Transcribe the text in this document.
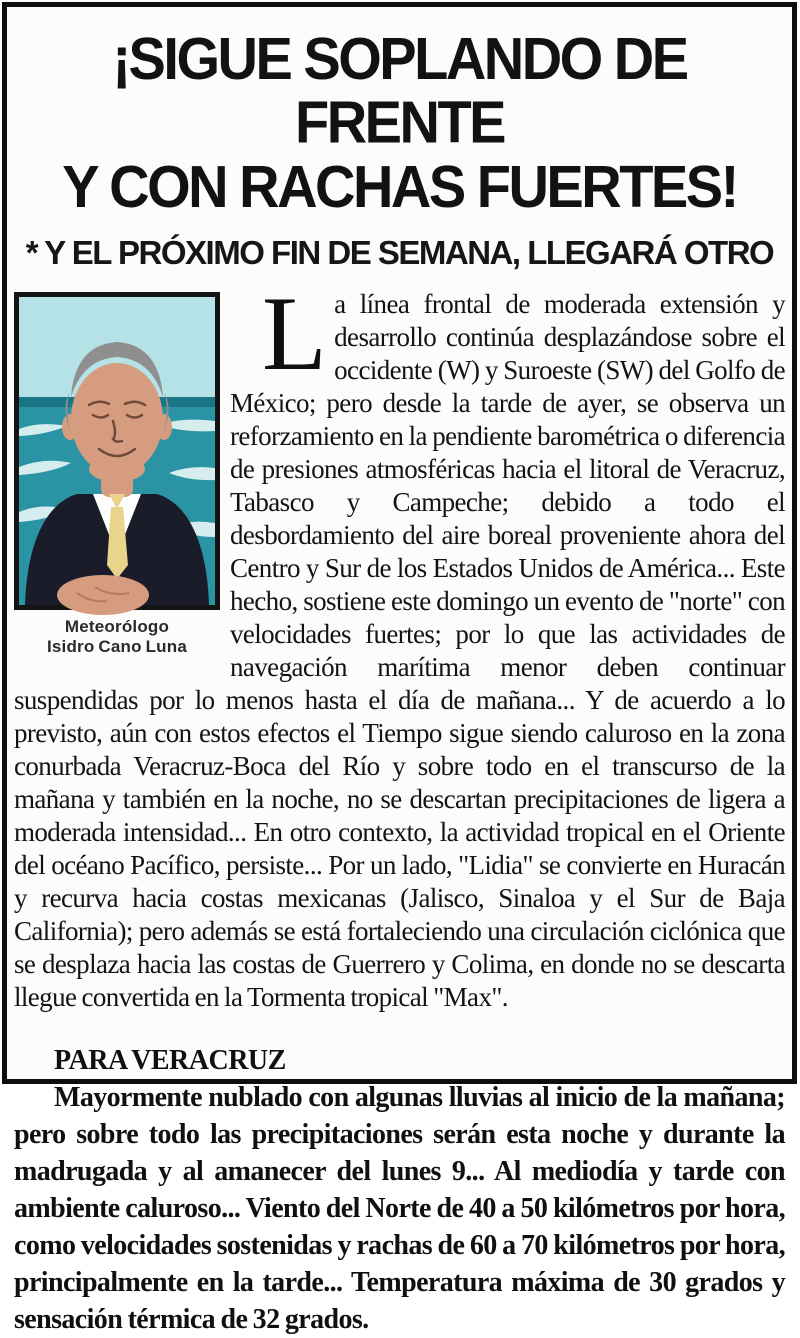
¡SIGUE SOPLANDO DE FRENTE
Y CON RACHAS FUERTES!
* Y EL PRÓXIMO FIN DE SEMANA, LLEGARÁ OTRO
Meteorólogo
Isidro Cano Luna

La línea frontal de moderada extensión y desarrollo continúa desplazándose sobre el occidente (W) y Suroeste (SW) del Golfo de México; pero desde la tarde de ayer, se observa un reforzamiento en la pendiente barométrica o diferencia de presiones atmosféricas hacia el litoral de Veracruz, Tabasco y Campeche; debido a todo el desbordamiento del aire boreal proveniente ahora del Centro y Sur de los Estados Unidos de América... Este hecho, sostiene este domingo un evento de "norte" con velocidades fuertes; por lo que las actividades de navegación marítima menor deben continuar suspendidas por lo menos hasta el día de mañana... Y de acuerdo a lo previsto, aún con estos efectos el Tiempo sigue siendo caluroso en la zona conurbada Veracruz-Boca del Río y sobre todo en el transcurso de la mañana y también en la noche, no se descartan precipitaciones de ligera a moderada intensidad... En otro contexto, la actividad tropical en el Oriente del océano Pacífico, persiste... Por un lado, "Lidia" se convierte en Huracán y recurva hacia costas mexicanas (Jalisco, Sinaloa y el Sur de Baja California); pero además se está fortaleciendo una circulación ciclónica que se desplaza hacia las costas de Guerrero y Colima, en donde no se descarta llegue convertida en la Tormenta tropical "Max".

PARA VERACRUZ

Mayormente nublado con algunas lluvias al inicio de la mañana; pero sobre todo las precipitaciones serán esta noche y durante la madrugada y al amanecer del lunes 9... Al mediodía y tarde con ambiente caluroso... Viento del Norte de 40 a 50 kilómetros por hora, como velocidades sostenidas y rachas de 60 a 70 kilómetros por hora, principalmente en la tarde... Temperatura máxima de 30 grados y sensación térmica de 32 grados.
